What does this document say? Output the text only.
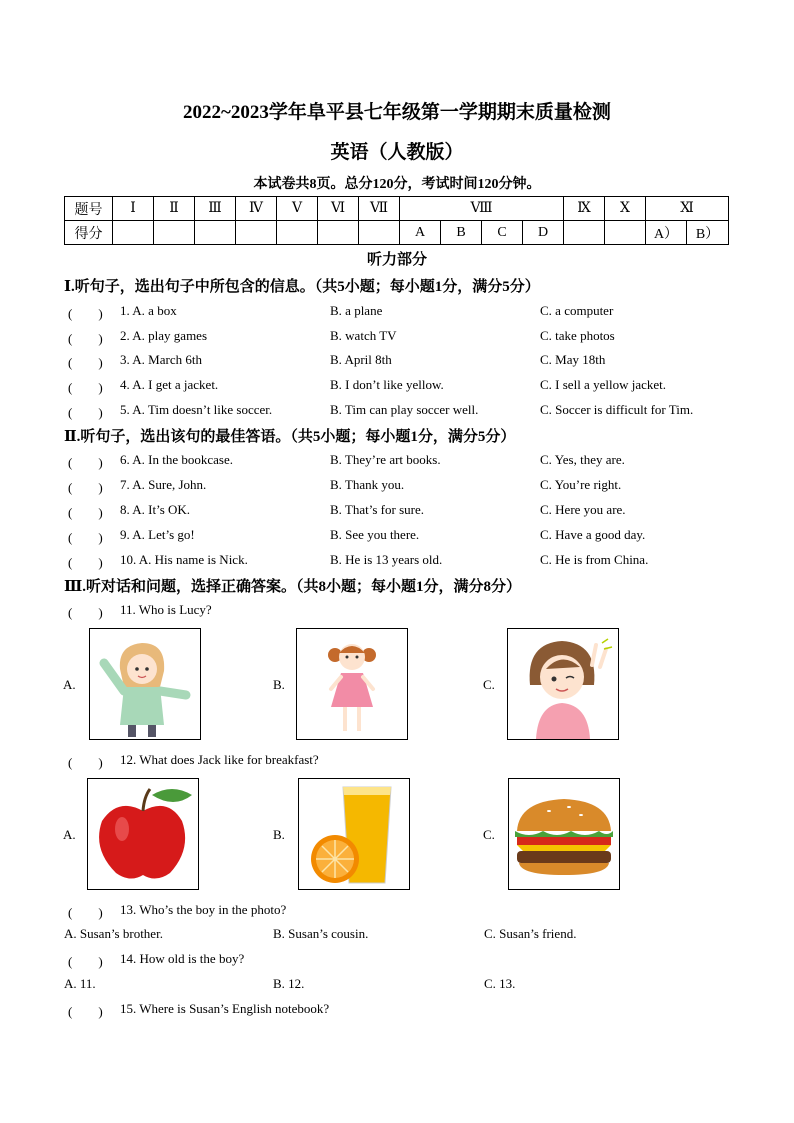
2022~2023学年阜平县七年级第一学期期末质量检测
英语（人教版）
本试卷共8页。总分120分，考试时间120分钟。
题号	Ⅰ	Ⅱ	Ⅲ	Ⅳ	Ⅴ	Ⅵ	Ⅶ	Ⅷ				Ⅸ	Ⅹ	Ⅺ	
得分								A	B	C	D			A）	B）
听力部分
Ⅰ.听句子，选出句子中所包含的信息。（共5小题；每小题1分，满分5分）
(　　) 1. A. a box	B. a plane	C. a computer
(　　) 2. A. play games	B. watch TV	C. take photos
(　　) 3. A. March 6th	B. April 8th	C. May 18th
(　　) 4. A. I get a jacket.	B. I don’t like yellow.	C. I sell a yellow jacket.
(　　) 5. A. Tim doesn’t like soccer.	B. Tim can play soccer well.	C. Soccer is difficult for Tim.
Ⅱ.听句子，选出该句的最佳答语。（共5小题；每小题1分，满分5分）
(　　) 6. A. In the bookcase.	B. They’re art books.	C. Yes, they are.
(　　) 7. A. Sure, John.	B. Thank you.	C. You’re right.
(　　) 8. A. It’s OK.	B. That’s for sure.	C. Here you are.
(　　) 9. A. Let’s go!	B. See you there.	C. Have a good day.
(　　) 10. A. His name is Nick.	B. He is 13 years old.	C. He is from China.
Ⅲ.听对话和问题，选择正确答案。（共8小题；每小题1分，满分8分）
(　　) 11. Who is Lucy?
A.	B.	C.
(　　) 12. What does Jack like for breakfast?
A.	B.	C.
(　　) 13. Who’s the boy in the photo?
A. Susan’s brother.	B. Susan’s cousin.	C. Susan’s friend.
(　　) 14. How old is the boy?
A. 11.	B. 12.	C. 13.
(　　) 15. Where is Susan’s English notebook?
